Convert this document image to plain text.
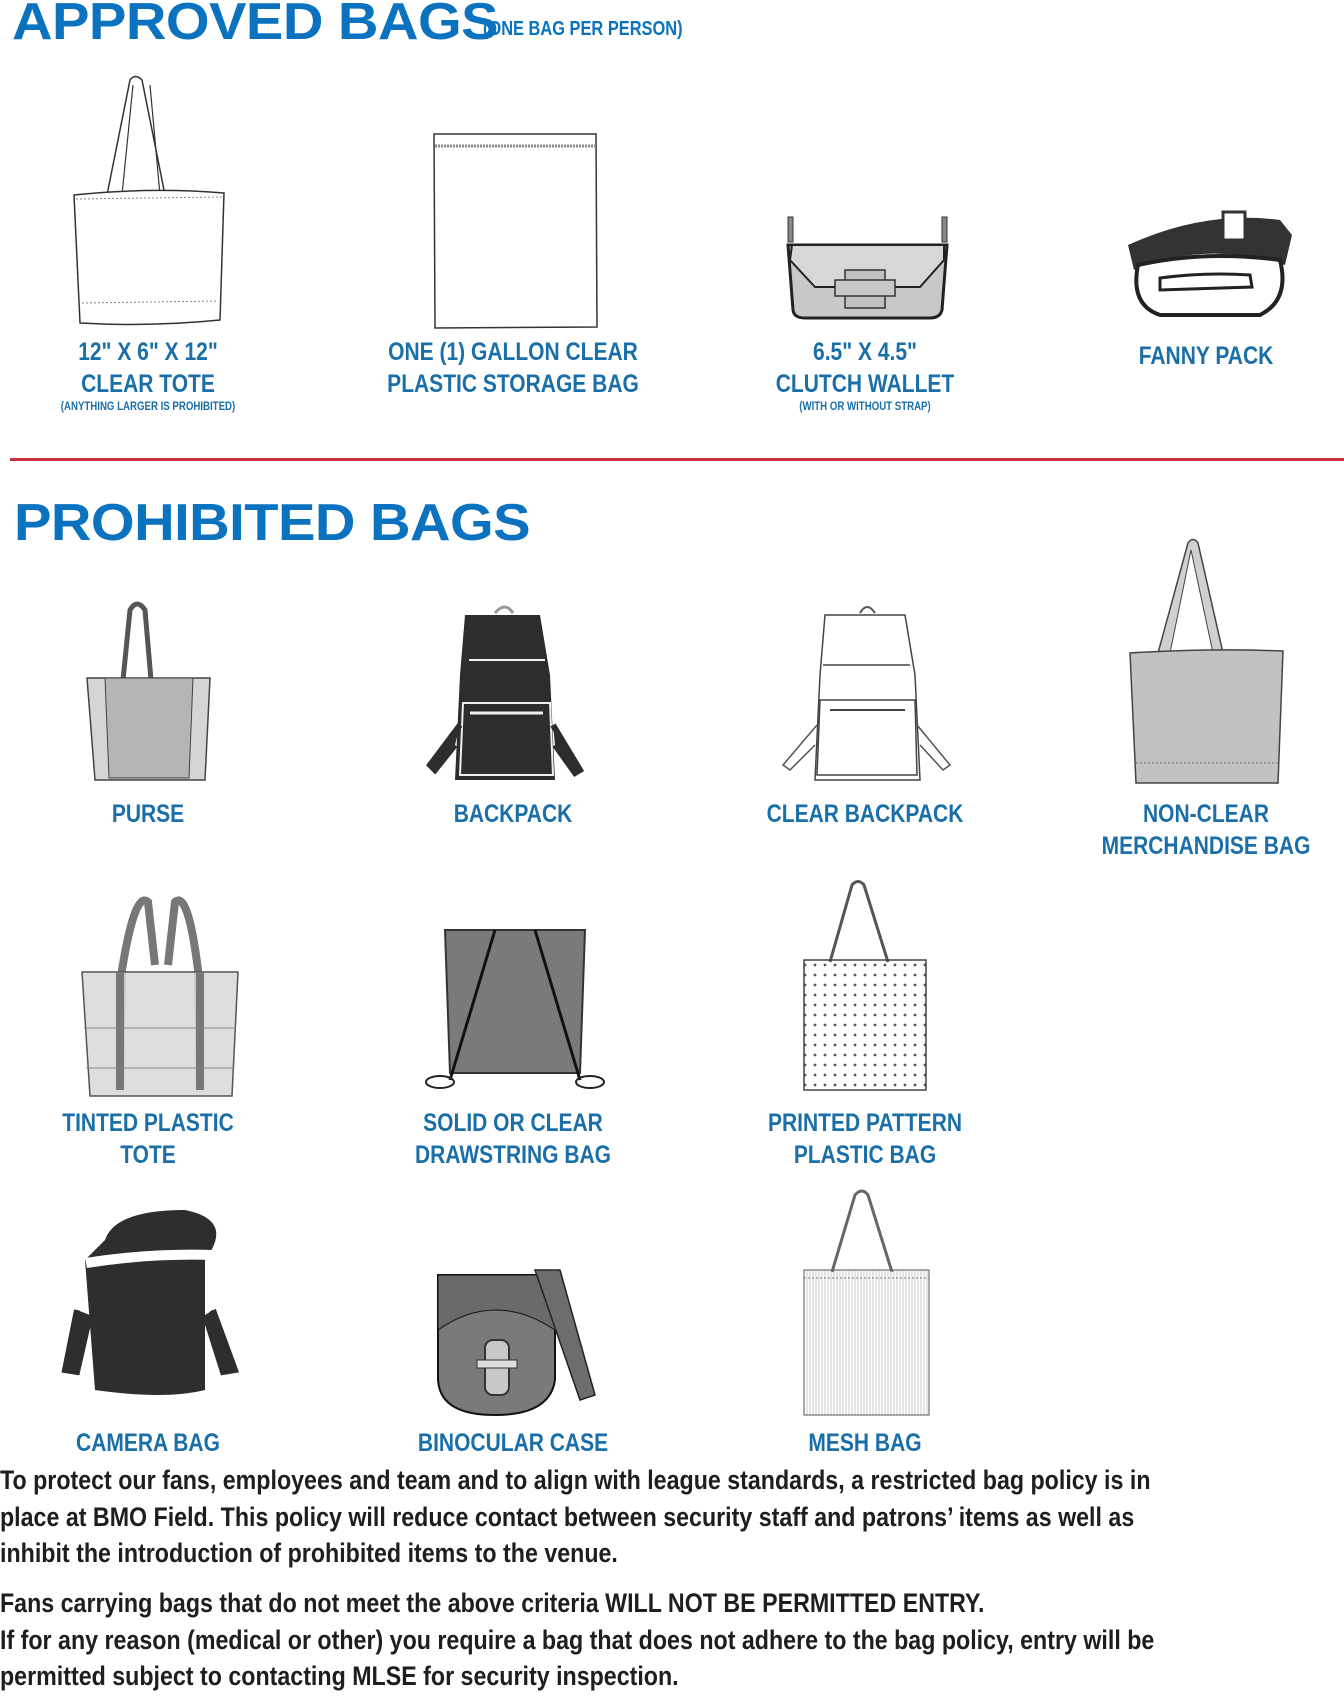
APPROVED BAGS
(ONE BAG PER PERSON)
12" X 6" X 12"
CLEAR TOTE
(ANYTHING LARGER IS PROHIBITED)
ONE (1) GALLON CLEAR
PLASTIC STORAGE BAG
6.5" X 4.5"
CLUTCH WALLET
(WITH OR WITHOUT STRAP)
FANNY PACK
PROHIBITED BAGS
PURSE	BACKPACK	CLEAR BACKPACK	NON-CLEAR
MERCHANDISE BAG
TINTED PLASTIC
TOTE
SOLID OR CLEAR
DRAWSTRING BAG
PRINTED PATTERN
PLASTIC BAG
CAMERA BAG	BINOCULAR CASE	MESH BAG
To protect our fans, employees and team and to align with league standards, a restricted bag policy is in
place at BMO Field. This policy will reduce contact between security staff and patrons’ items as well as
inhibit the introduction of prohibited items to the venue.
Fans carrying bags that do not meet the above criteria WILL NOT BE PERMITTED ENTRY.
If for any reason (medical or other) you require a bag that does not adhere to the bag policy, entry will be
permitted subject to contacting MLSE for security inspection.
